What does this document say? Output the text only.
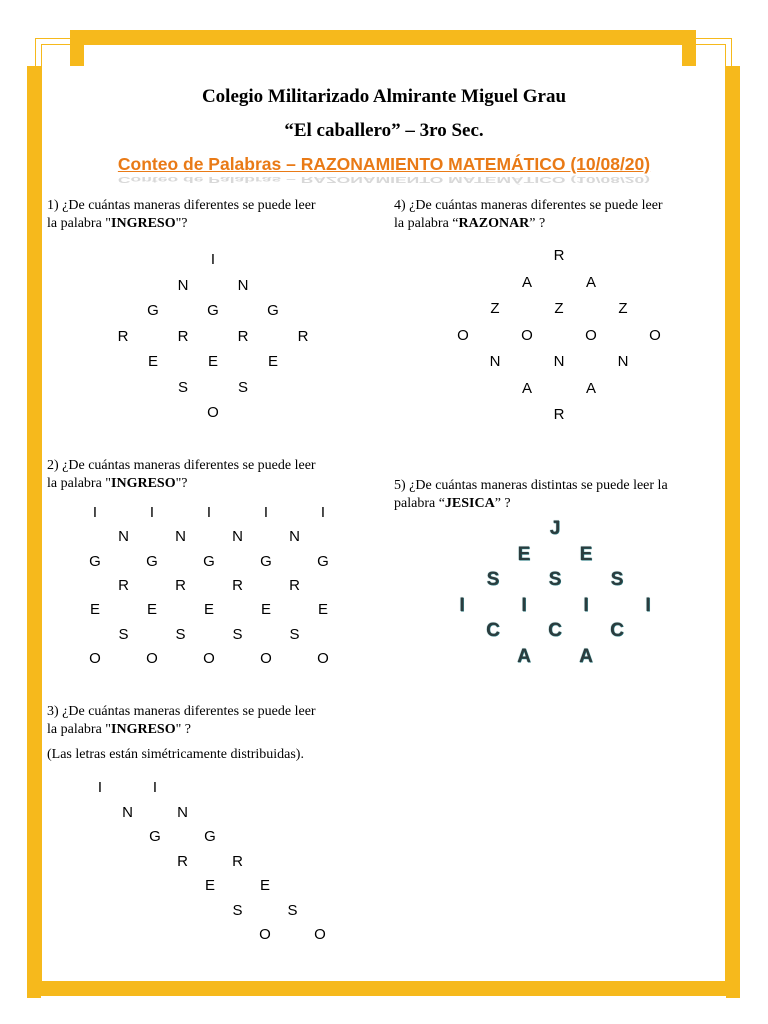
Colegio Militarizado Almirante Miguel Grau
“El caballero” – 3ro Sec.
Conteo de Palabras – RAZONAMIENTO MATEMÁTICO (10/08/20)
Conteo de Palabras – RAZONAMIENTO MATEMÁTICO (10/08/20)
1) ¿De cuántas maneras diferentes se puede leer
la palabra "INGRESO"?
2) ¿De cuántas maneras diferentes se puede leer
la palabra "INGRESO"?
3) ¿De cuántas maneras diferentes se puede leer
la palabra "INGRESO" ?
(Las letras están simétricamente distribuidas).
4) ¿De cuántas maneras diferentes se puede leer
la palabra “RAZONAR” ?
5) ¿De cuántas maneras distintas se puede leer la
palabra “JESICA” ?
I
N	N
G	G	G
R	R	R	R
E	E	E
S	S
O
I	I	I	I	I
N	N	N	N
G	G	G	G	G
R	R	R	R
E	E	E	E	E
S	S	S	S
O	O	O	O	O
I	I
N	N
G	G
R	R
E	E
S	S
O	O
R
A	A
Z	Z	Z
O	O	O	O
N	N	N
A	A
R
J
E	E
S	S	S
I	I	I	I
C	C	C
A	A
